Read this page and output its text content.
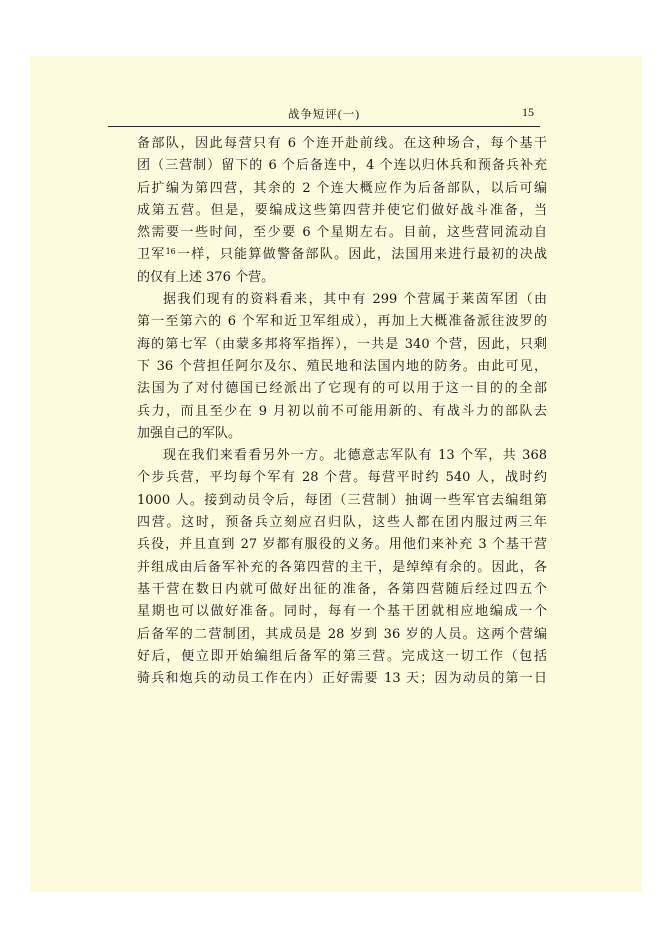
战争短评(一)	15
备部队，因此每营只有 6 个连开赴前线。在这种场合，每个基干
团（三营制）留下的 6 个后备连中，4 个连以归休兵和预备兵补充
后扩编为第四营，其余的 2 个连大概应作为后备部队，以后可编
成第五营。但是，要编成这些第四营并使它们做好战斗准备，当
然需要一些时间，至少要 6 个星期左右。目前，这些营同流动自
卫军$^{16}$一样，只能算做警备部队。因此，法国用来进行最初的决战
的仅有上述 376 个营。
据我们现有的资料看来，其中有 299 个营属于莱茵军团（由
第一至第六的 6 个军和近卫军组成），再加上大概准备派往波罗的
海的第七军（由蒙多邦将军指挥），一共是 340 个营，因此，只剩
下 36 个营担任阿尔及尔、殖民地和法国内地的防务。由此可见，
法国为了对付德国已经派出了它现有的可以用于这一目的的全部
兵力，而且至少在 9 月初以前不可能用新的、有战斗力的部队去
加强自己的军队。
现在我们来看看另外一方。北德意志军队有 13 个军，共 368
个步兵营，平均每个军有 28 个营。每营平时约 540 人，战时约
1000 人。接到动员令后，每团（三营制）抽调一些军官去编组第
四营。这时，预备兵立刻应召归队，这些人都在团内服过两三年
兵役，并且直到 27 岁都有服役的义务。用他们来补充 3 个基干营
并组成由后备军补充的各第四营的主干，是绰绰有余的。因此，各
基干营在数日内就可做好出征的准备，各第四营随后经过四五个
星期也可以做好准备。同时，每有一个基干团就相应地编成一个
后备军的二营制团，其成员是 28 岁到 36 岁的人员。这两个营编
好后，便立即开始编组后备军的第三营。完成这一切工作（包括
骑兵和炮兵的动员工作在内）正好需要 13 天；因为动员的第一日
